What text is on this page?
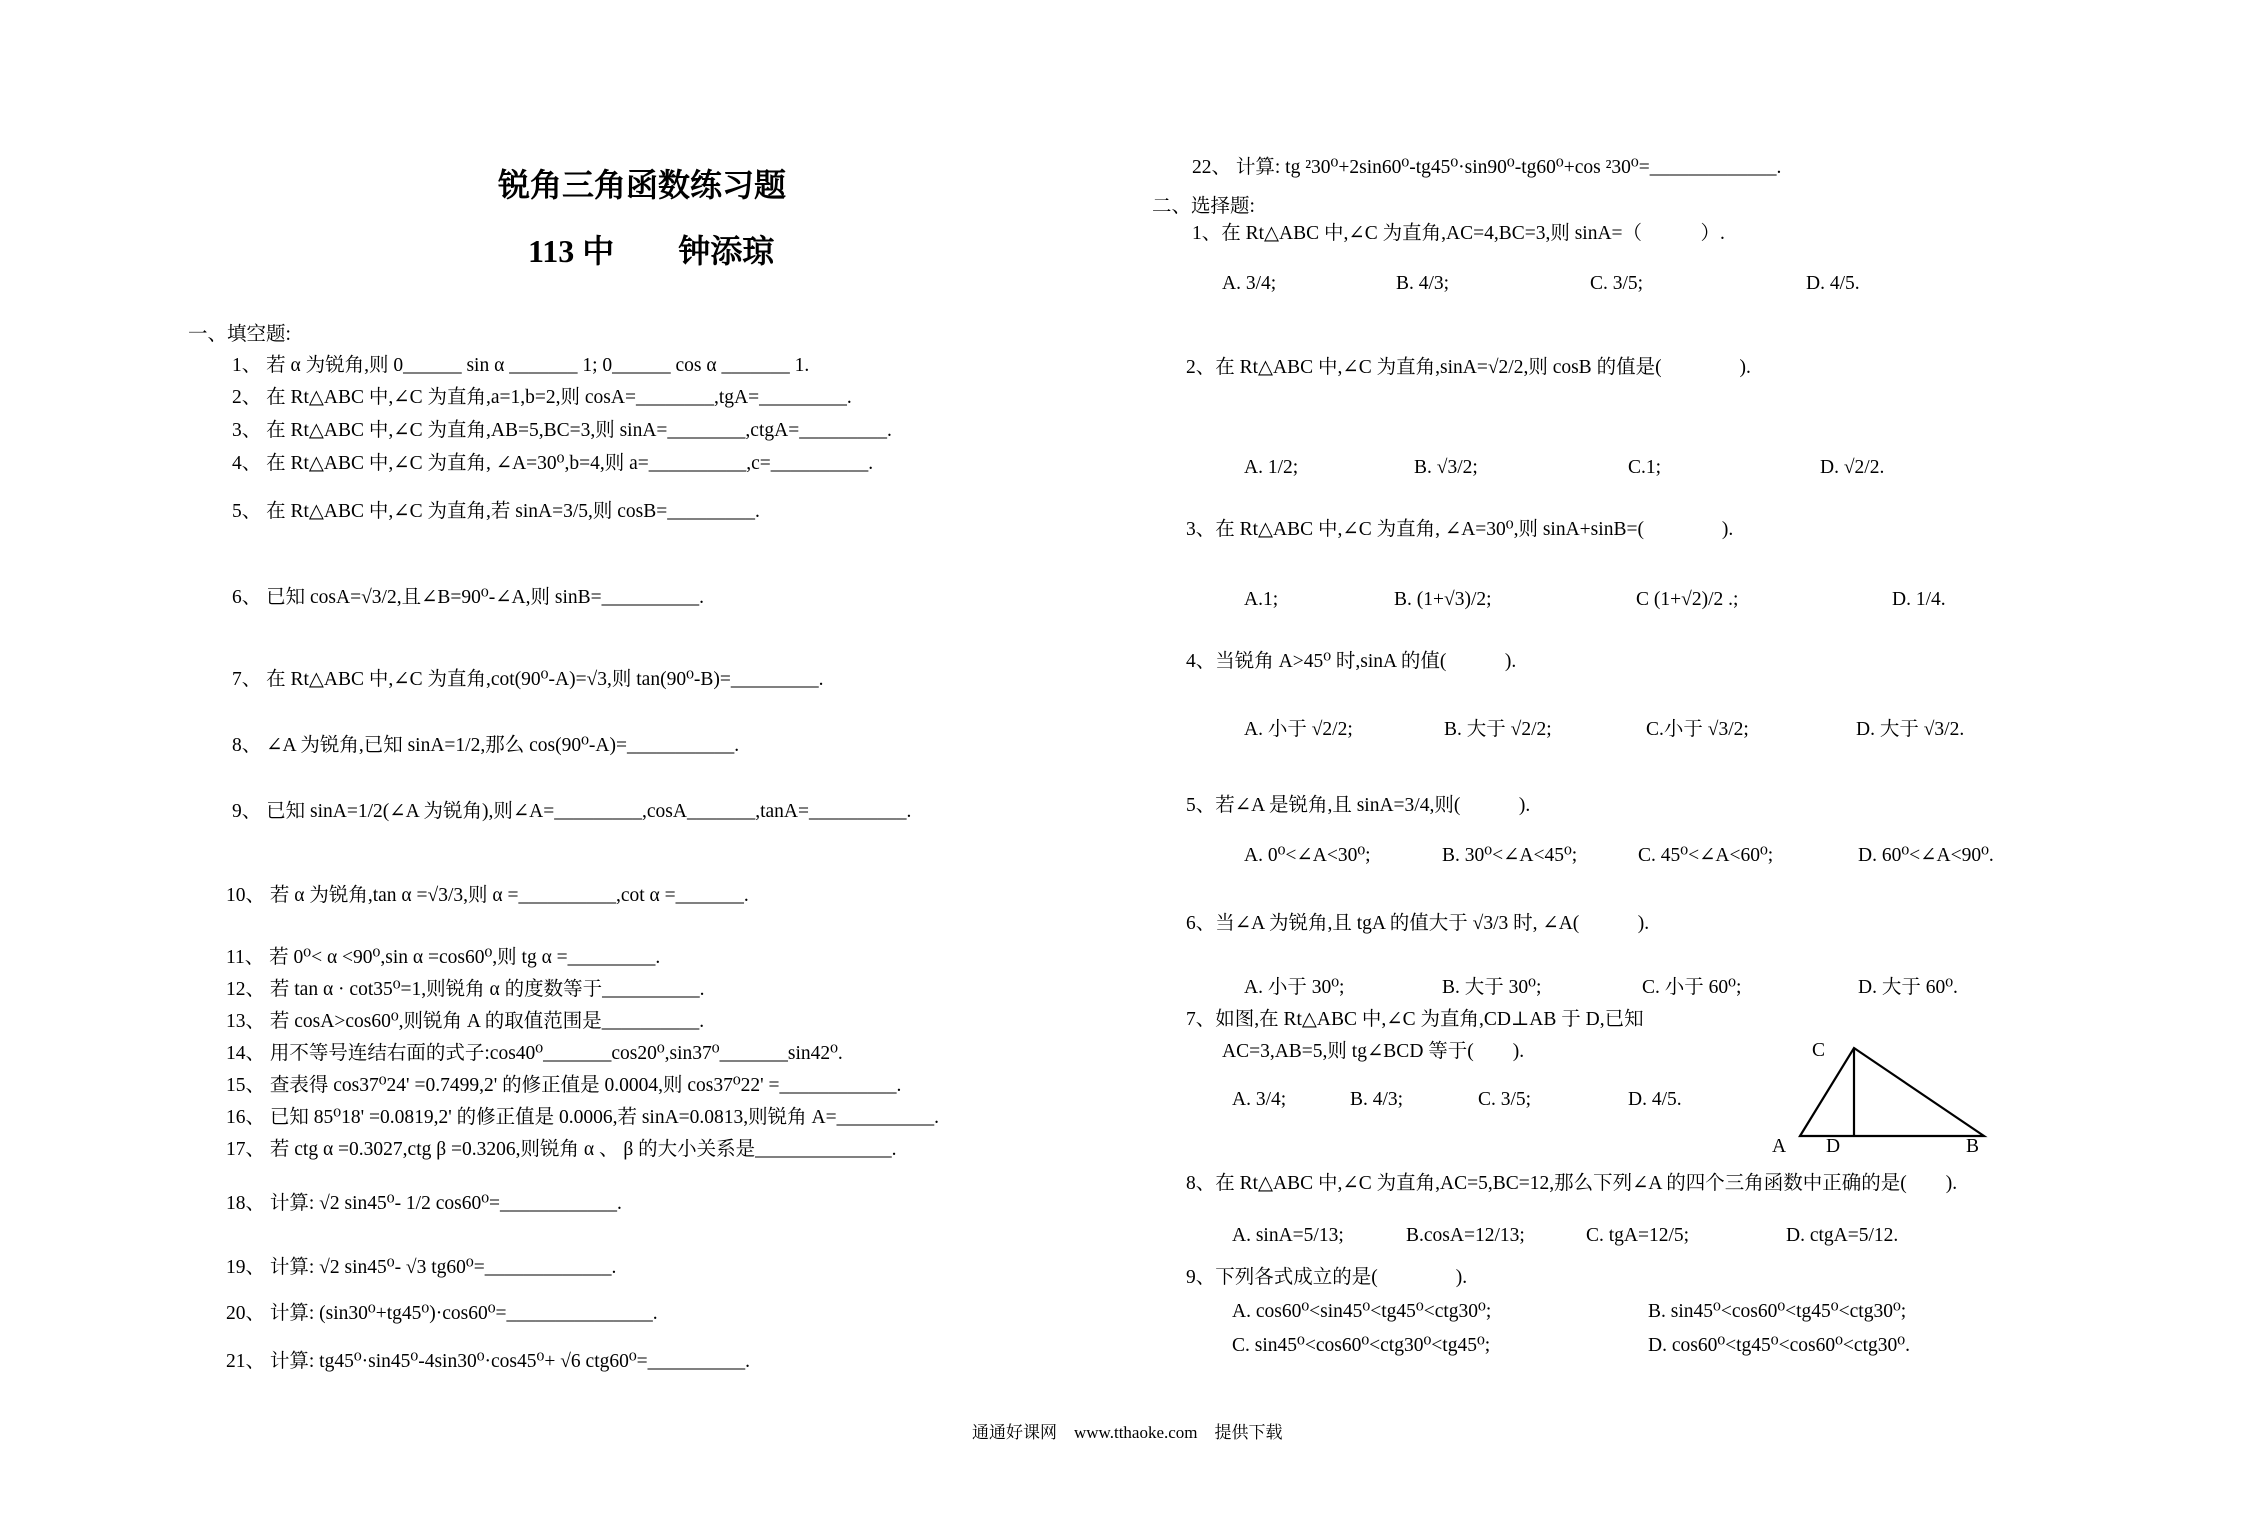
锐角三角函数练习题
113 中　　钟添琼
一、填空题:
1、 若 α 为锐角,则 0______ sin α _______ 1; 0______ cos α _______ 1.
2、 在 Rt△ABC 中,∠C 为直角,a=1,b=2,则 cosA=________,tgA=_________.
3、 在 Rt△ABC 中,∠C 为直角,AB=5,BC=3,则 sinA=________,ctgA=_________.
4、 在 Rt△ABC 中,∠C 为直角, ∠A=30⁰,b=4,则 a=__________,c=__________.
5、 在 Rt△ABC 中,∠C 为直角,若 sinA=3/5,则 cosB=_________.
6、 已知 cosA=√3/2,且∠B=90⁰-∠A,则 sinB=__________.
7、 在 Rt△ABC 中,∠C 为直角,cot(90⁰-A)=√3,则 tan(90⁰-B)=_________.
8、 ∠A 为锐角,已知 sinA=1/2,那么 cos(90⁰-A)=___________.
9、 已知 sinA=1/2(∠A 为锐角),则∠A=_________,cosA_______,tanA=__________.
10、 若 α 为锐角,tan α =√3/3,则 α =__________,cot α =_______.
11、 若 0⁰< α <90⁰,sin α =cos60⁰,则 tg α =_________.
12、 若 tan α · cot35⁰=1,则锐角 α 的度数等于__________.
13、 若 cosA>cos60⁰,则锐角 A 的取值范围是__________.
14、 用不等号连结右面的式子:cos40⁰_______cos20⁰,sin37⁰_______sin42⁰.
15、 查表得 cos37⁰24' =0.7499,2' 的修正值是 0.0004,则 cos37⁰22' =____________.
16、 已知 85⁰18' =0.0819,2' 的修正值是 0.0006,若 sinA=0.0813,则锐角 A=__________.
17、 若 ctg α =0.3027,ctg β =0.3206,则锐角 α 、 β 的大小关系是______________.
18、 计算: √2 sin45⁰- 1/2 cos60⁰=____________.
19、 计算: √2 sin45⁰- √3 tg60⁰=_____________.
20、 计算: (sin30⁰+tg45⁰)·cos60⁰=_______________.
21、 计算: tg45⁰·sin45⁰-4sin30⁰·cos45⁰+ √6 ctg60⁰=__________.
22、 计算: tg ²30⁰+2sin60⁰-tg45⁰·sin90⁰-tg60⁰+cos ²30⁰=_____________.
二、选择题:
1、在 Rt△ABC 中,∠C 为直角,AC=4,BC=3,则 sinA=（　　　）.
A. 3/4;	B. 4/3;	C. 3/5;	D. 4/5.
2、在 Rt△ABC 中,∠C 为直角,sinA=√2/2,则 cosB 的值是(　　　　).
A. 1/2;	B. √3/2;	C.1;	D. √2/2.
3、在 Rt△ABC 中,∠C 为直角, ∠A=30⁰,则 sinA+sinB=(　　　　).
A.1;	B. (1+√3)/2;	C (1+√2)/2 .;	D. 1/4.
4、当锐角 A>45⁰ 时,sinA 的值(　　　).
A. 小于 √2/2;	B. 大于 √2/2;	C.小于 √3/2;	D. 大于 √3/2.
5、若∠A 是锐角,且 sinA=3/4,则(　　　).
A. 0⁰<∠A<30⁰;	B. 30⁰<∠A<45⁰;	C. 45⁰<∠A<60⁰;	D. 60⁰<∠A<90⁰.
6、当∠A 为锐角,且 tgA 的值大于 √3/3 时, ∠A(　　　).
A. 小于 30⁰;	B. 大于 30⁰;	C. 小于 60⁰;	D. 大于 60⁰.
7、如图,在 Rt△ABC 中,∠C 为直角,CD⊥AB 于 D,已知
AC=3,AB=5,则 tg∠BCD 等于(　　).
A. 3/4;	B. 4/3;	C. 3/5;	D. 4/5.
C
A D	B
8、在 Rt△ABC 中,∠C 为直角,AC=5,BC=12,那么下列∠A 的四个三角函数中正确的是(　　).
A. sinA=5/13;	B.cosA=12/13;	C. tgA=12/5;	D. ctgA=5/12.
9、下列各式成立的是(　　　　).
A. cos60⁰<sin45⁰<tg45⁰<ctg30⁰;	B. sin45⁰<cos60⁰<tg45⁰<ctg30⁰;
C. sin45⁰<cos60⁰<ctg30⁰<tg45⁰;	D. cos60⁰<tg45⁰<cos60⁰<ctg30⁰.
通通好课网　www.tthaoke.com　提供下载
